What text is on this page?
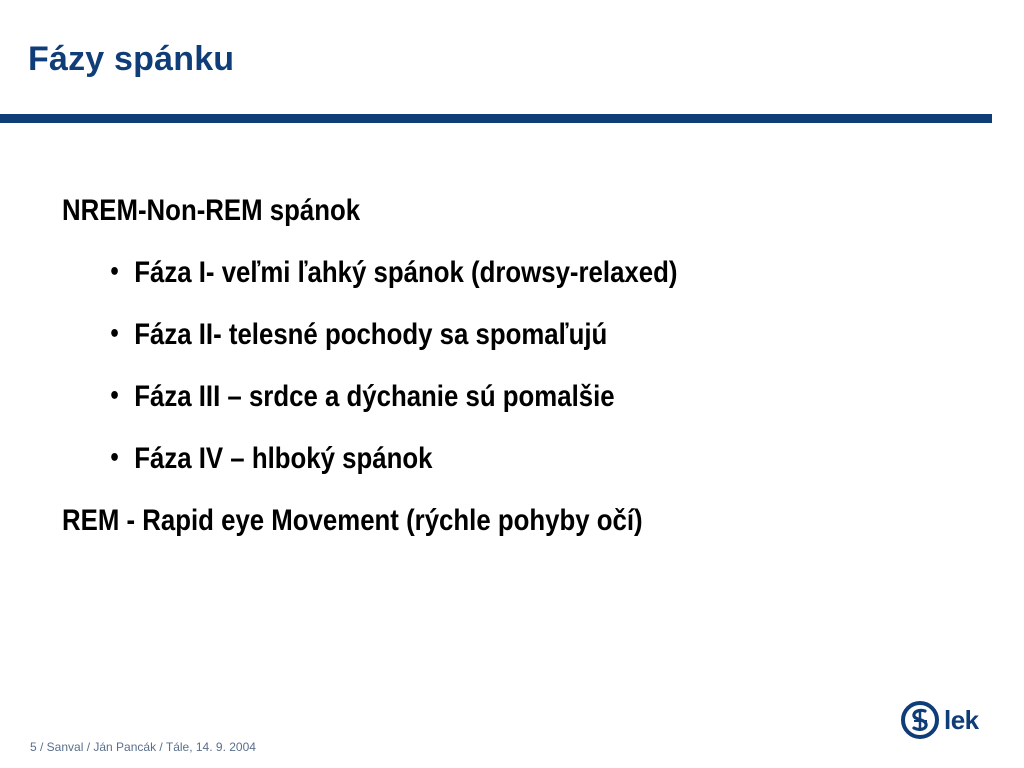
Fázy spánku
NREM-Non-REM spánok
• Fáza I- veľmi ľahký spánok (drowsy-relaxed)
• Fáza II- telesné pochody sa spomaľujú
• Fáza III – srdce a dýchanie sú pomalšie
• Fáza IV – hlboký spánok
REM - Rapid eye Movement (rýchle pohyby očí)
5 / Sanval / Ján Pancák / Tále, 14. 9. 2004
lek
